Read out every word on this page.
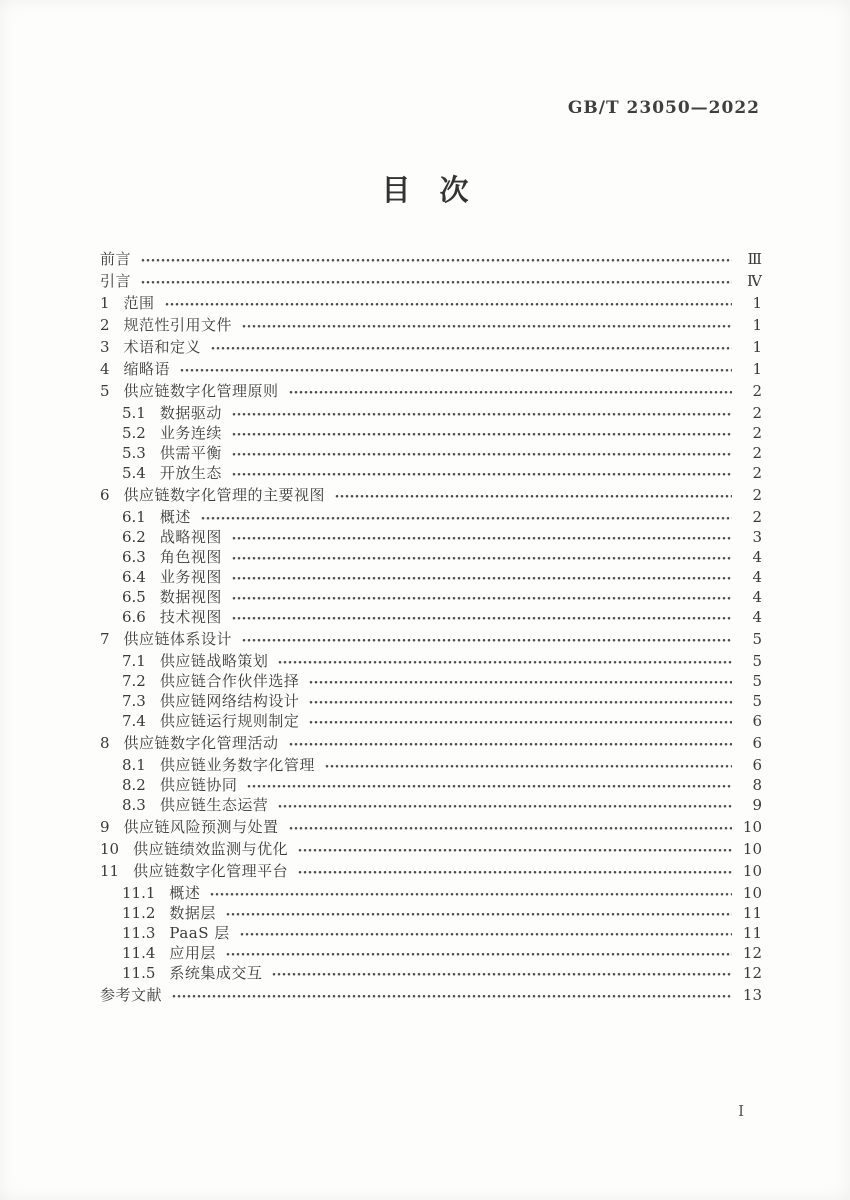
GB/T 23050—2022
目　次
前言	Ⅲ
引言	Ⅳ
1 范围	1
2 规范性引用文件	1
3 术语和定义	1
4 缩略语	1
5 供应链数字化管理原则	2
5.1 数据驱动	2
5.2 业务连续	2
5.3 供需平衡	2
5.4 开放生态	2
6 供应链数字化管理的主要视图	2
6.1 概述	2
6.2 战略视图	3
6.3 角色视图	4
6.4 业务视图	4
6.5 数据视图	4
6.6 技术视图	4
7 供应链体系设计	5
7.1 供应链战略策划	5
7.2 供应链合作伙伴选择	5
7.3 供应链网络结构设计	5
7.4 供应链运行规则制定	6
8 供应链数字化管理活动	6
8.1 供应链业务数字化管理	6
8.2 供应链协同	8
8.3 供应链生态运营	9
9 供应链风险预测与处置	10
10 供应链绩效监测与优化	10
11 供应链数字化管理平台	10
11.1 概述	10
11.2 数据层	11
11.3 PaaS 层	11
11.4 应用层	12
11.5 系统集成交互	12
参考文献	13
Ⅰ
